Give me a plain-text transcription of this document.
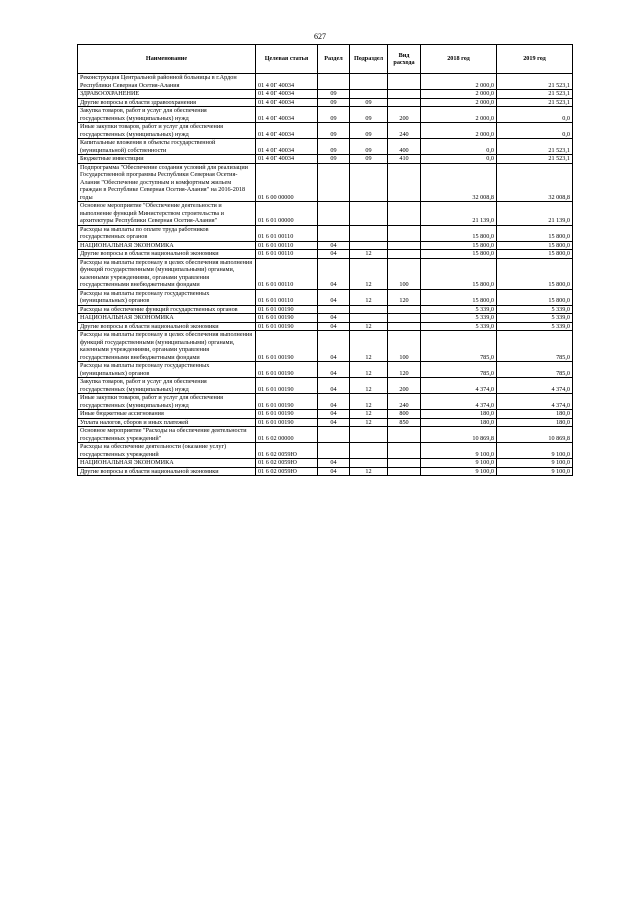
627
Наименование	Целевая статья	Раздел	Подраздел	Вид расхода	2018 год	2019 год
Реконструкция Центральной районной больницы в г.Ардон Республики Северная Осетия-Алания	01 4 0Г 40034				2 000,0	21 523,1
ЗДРАВООХРАНЕНИЕ	01 4 0Г 40034	09			2 000,0	21 523,1
Другие вопросы в области здравоохранения	01 4 0Г 40034	09	09		2 000,0	21 523,1
Закупка товаров, работ и услуг для обеспечения государственных (муниципальных) нужд	01 4 0Г 40034	09	09	200	2 000,0	0,0
Иные закупки товаров, работ и услуг для обеспечения государственных (муниципальных) нужд	01 4 0Г 40034	09	09	240	2 000,0	0,0
Капитальные вложения в объекты государственной (муниципальной) собственности	01 4 0Г 40034	09	09	400	0,0	21 523,1
Бюджетные инвестиции	01 4 0Г 40034	09	09	410	0,0	21 523,1
Подпрограмма "Обеспечение создания условий для реализации Государственной программы Республики Северная Осетия-Алания "Обеспечение доступным и комфортным жильем граждан в Республике Северная Осетия-Алания" на 2016-2018 годы	01 6 00 00000				32 008,8	32 008,8
Основное мероприятие "Обеспечение деятельности и выполнение функций Министерством строительства и архитектуры Республики Северная Осетия-Алания"	01 6 01 00000				21 139,0	21 139,0
Расходы на выплаты по оплате труда работников государственных органов	01 6 01 00110				15 800,0	15 800,0
НАЦИОНАЛЬНАЯ ЭКОНОМИКА	01 6 01 00110	04			15 800,0	15 800,0
Другие вопросы в области национальной экономики	01 6 01 00110	04	12		15 800,0	15 800,0
Расходы на выплаты персоналу в целях обеспечения выполнения функций государственными (муниципальными) органами, казенными учреждениями, органами управления государственными внебюджетными фондами	01 6 01 00110	04	12	100	15 800,0	15 800,0
Расходы на выплаты персоналу государственных (муниципальных) органов	01 6 01 00110	04	12	120	15 800,0	15 800,0
Расходы на обеспечение функций государственных органов	01 6 01 00190				5 339,0	5 339,0
НАЦИОНАЛЬНАЯ ЭКОНОМИКА	01 6 01 00190	04			5 339,0	5 339,0
Другие вопросы в области национальной экономики	01 6 01 00190	04	12		5 339,0	5 339,0
Расходы на выплаты персоналу в целях обеспечения выполнения функций государственными (муниципальными) органами, казенными учреждениями, органами управления государственными внебюджетными фондами	01 6 01 00190	04	12	100	785,0	785,0
Расходы на выплаты персоналу государственных (муниципальных) органов	01 6 01 00190	04	12	120	785,0	785,0
Закупка товаров, работ и услуг для обеспечения государственных (муниципальных) нужд	01 6 01 00190	04	12	200	4 374,0	4 374,0
Иные закупки товаров, работ и услуг для обеспечения государственных (муниципальных) нужд	01 6 01 00190	04	12	240	4 374,0	4 374,0
Иные бюджетные ассигнования	01 6 01 00190	04	12	800	180,0	180,0
Уплата налогов, сборов и иных платежей	01 6 01 00190	04	12	850	180,0	180,0
Основное мероприятие "Расходы на обеспечение деятельности государственных учреждений"	01 6 02 00000				10 869,8	10 869,8
Расходы на обеспечение деятельности (оказание услуг) государственных учреждений	01 6 02 0059Ю				9 100,0	9 100,0
НАЦИОНАЛЬНАЯ ЭКОНОМИКА	01 6 02 0059Ю	04			9 100,0	9 100,0
Другие вопросы в области национальной экономики	01 6 02 0059Ю	04	12		9 100,0	9 100,0
